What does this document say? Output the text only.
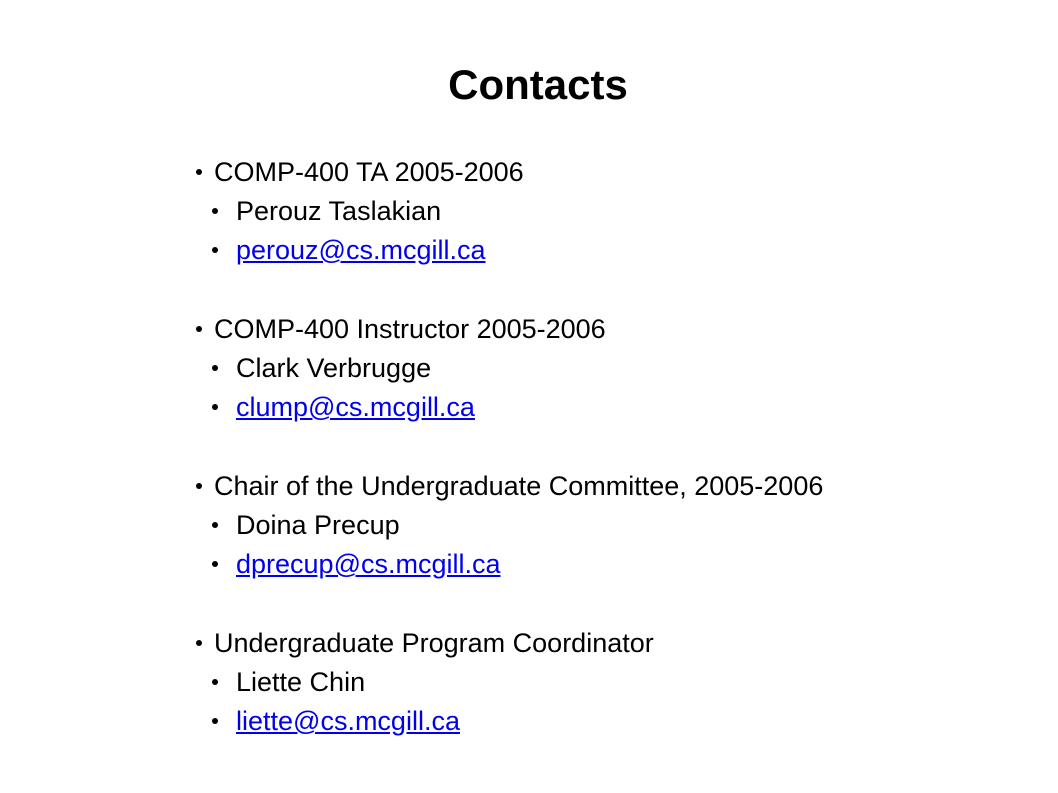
Contacts
COMP-400 TA 2005-2006
Perouz Taslakian
perouz@cs.mcgill.ca
COMP-400 Instructor 2005-2006
Clark Verbrugge
clump@cs.mcgill.ca
Chair of the Undergraduate Committee, 2005-2006
Doina Precup
dprecup@cs.mcgill.ca
Undergraduate Program Coordinator
Liette Chin
liette@cs.mcgill.ca
